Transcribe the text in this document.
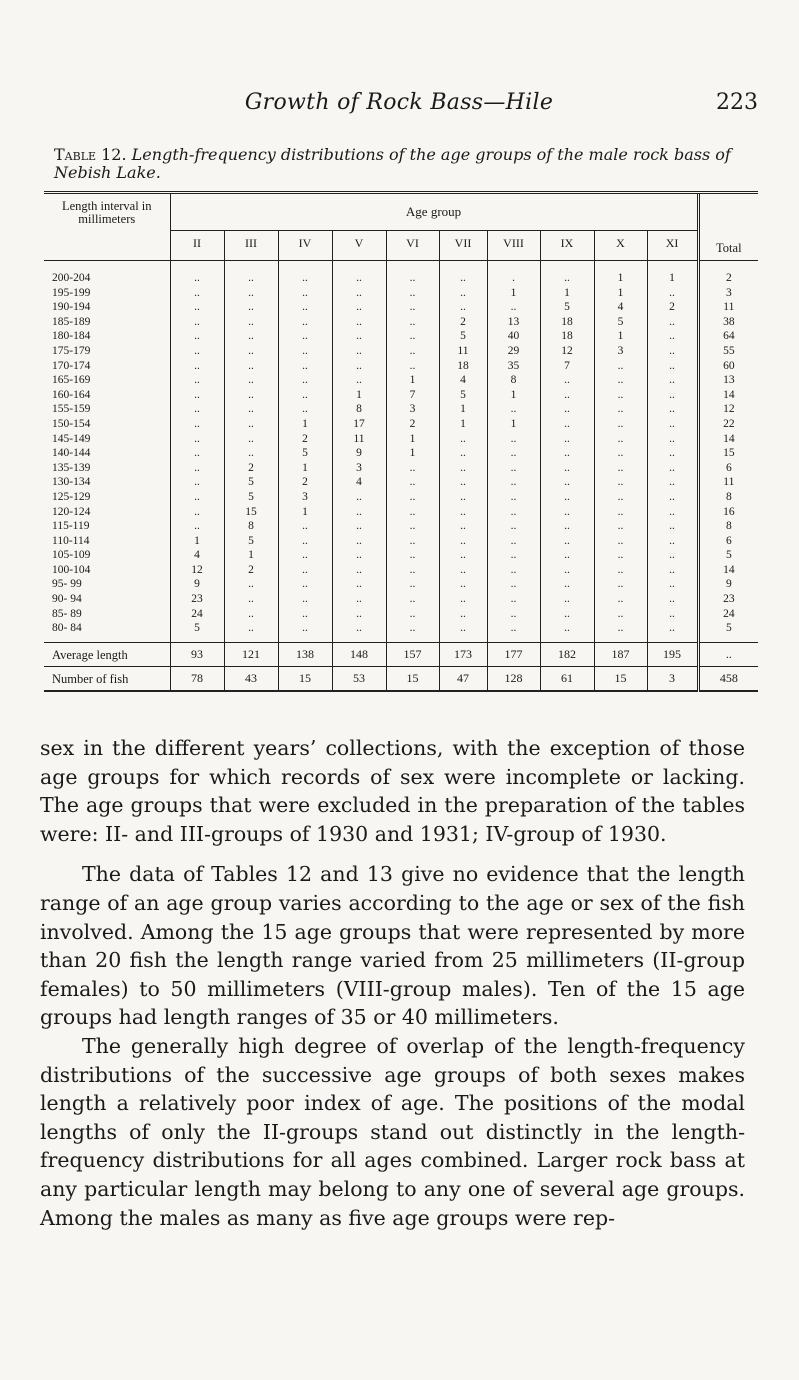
Growth of Rock Bass—Hile	223
Table 12. Length-frequency distributions of the age groups of the male rock bass of Nebish Lake.
Length interval in millimeters	Age group										Total
	II	III	IV	V	VI	VII	VIII	IX	X	XI	
200-204	..	..	..	..	..	..	.	..	1	1	2
195-199	..	..	..	..	..	..	1	1	1	..	3
190-194	..	..	..	..	..	..	..	5	4	2	11
185-189	..	..	..	..	..	2	13	18	5	..	38
180-184	..	..	..	..	..	5	40	18	1	..	64
175-179	..	..	..	..	..	11	29	12	3	..	55
170-174	..	..	..	..	..	18	35	7	..	..	60
165-169	..	..	..	..	1	4	8	..	..	..	13
160-164	..	..	..	1	7	5	1	..	..	..	14
155-159	..	..	..	8	3	1	..	..	..	..	12
150-154	..	..	1	17	2	1	1	..	..	..	22
145-149	..	..	2	11	1	..	..	..	..	..	14
140-144	..	..	5	9	1	..	..	..	..	..	15
135-139	..	2	1	3	..	..	..	..	..	..	6
130-134	..	5	2	4	..	..	..	..	..	..	11
125-129	..	5	3	..	..	..	..	..	..	..	8
120-124	..	15	1	..	..	..	..	..	..	..	16
115-119	..	8	..	..	..	..	..	..	..	..	8
110-114	1	5	..	..	..	..	..	..	..	..	6
105-109	4	1	..	..	..	..	..	..	..	..	5
100-104	12	2	..	..	..	..	..	..	..	..	14
95- 99	9	..	..	..	..	..	..	..	..	..	9
90- 94	23	..	..	..	..	..	..	..	..	..	23
85- 89	24	..	..	..	..	..	..	..	..	..	24
80- 84	5	..	..	..	..	..	..	..	..	..	5
Average length	93	121	138	148	157	173	177	182	187	195	..
Number of fish	78	43	15	53	15	47	128	61	15	3	458

sex in the different years’ collections, with the exception of those age groups for which records of sex were incomplete or lacking. The age groups that were excluded in the preparation of the tables were: II- and III-groups of 1930 and 1931; IV-group of 1930.

The data of Tables 12 and 13 give no evidence that the length range of an age group varies according to the age or sex of the fish involved. Among the 15 age groups that were represented by more than 20 fish the length range varied from 25 millimeters (II-group females) to 50 millimeters (VIII-group males). Ten of the 15 age groups had length ranges of 35 or 40 millimeters.

The generally high degree of overlap of the length-frequency distributions of the successive age groups of both sexes makes length a relatively poor index of age. The positions of the modal lengths of only the II-groups stand out distinctly in the length-frequency distributions for all ages combined. Larger rock bass at any particular length may belong to any one of several age groups. Among the males as many as five age groups were rep-
